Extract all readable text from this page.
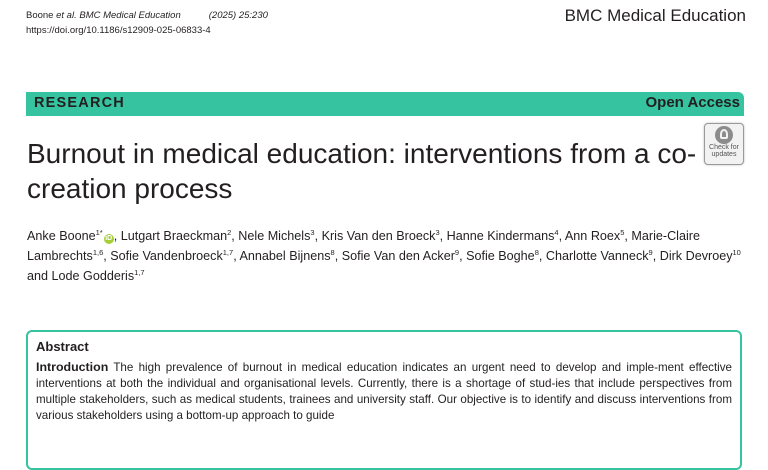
Boone et al. BMC Medical Education	(2025) 25:230
https://doi.org/10.1186/s12909-025-06833-4
BMC Medical Education
RESEARCH	Open Access
Burnout in medical education: interventions from a co-creation process
Check for
updates
Anke Boone$^{1*}$iD , Lutgart Braeckman$^2$, Nele Michels$^3$, Kris Van den Broeck$^3$, Hanne Kindermans$^4$, Ann Roex$^5$, Marie-Claire Lambrechts$^{1,6}$, Sofie Vandenbroeck$^{1,7}$, Annabel Bijnens$^8$, Sofie Van den Acker$^9$, Sofie Boghe$^8$, Charlotte Vanneck$^9$, Dirk Devroey$^{10}$ and Lode Godderis$^{1,7}$
Abstract

Introduction The high prevalence of burnout in medical education indicates an urgent need to develop and imple-ment effective interventions at both the individual and organisational levels. Currently, there is a shortage of stud-ies that include perspectives from multiple stakeholders, such as medical students, trainees and university staff. Our objective is to identify and discuss interventions from various stakeholders using a bottom-up approach to guide
